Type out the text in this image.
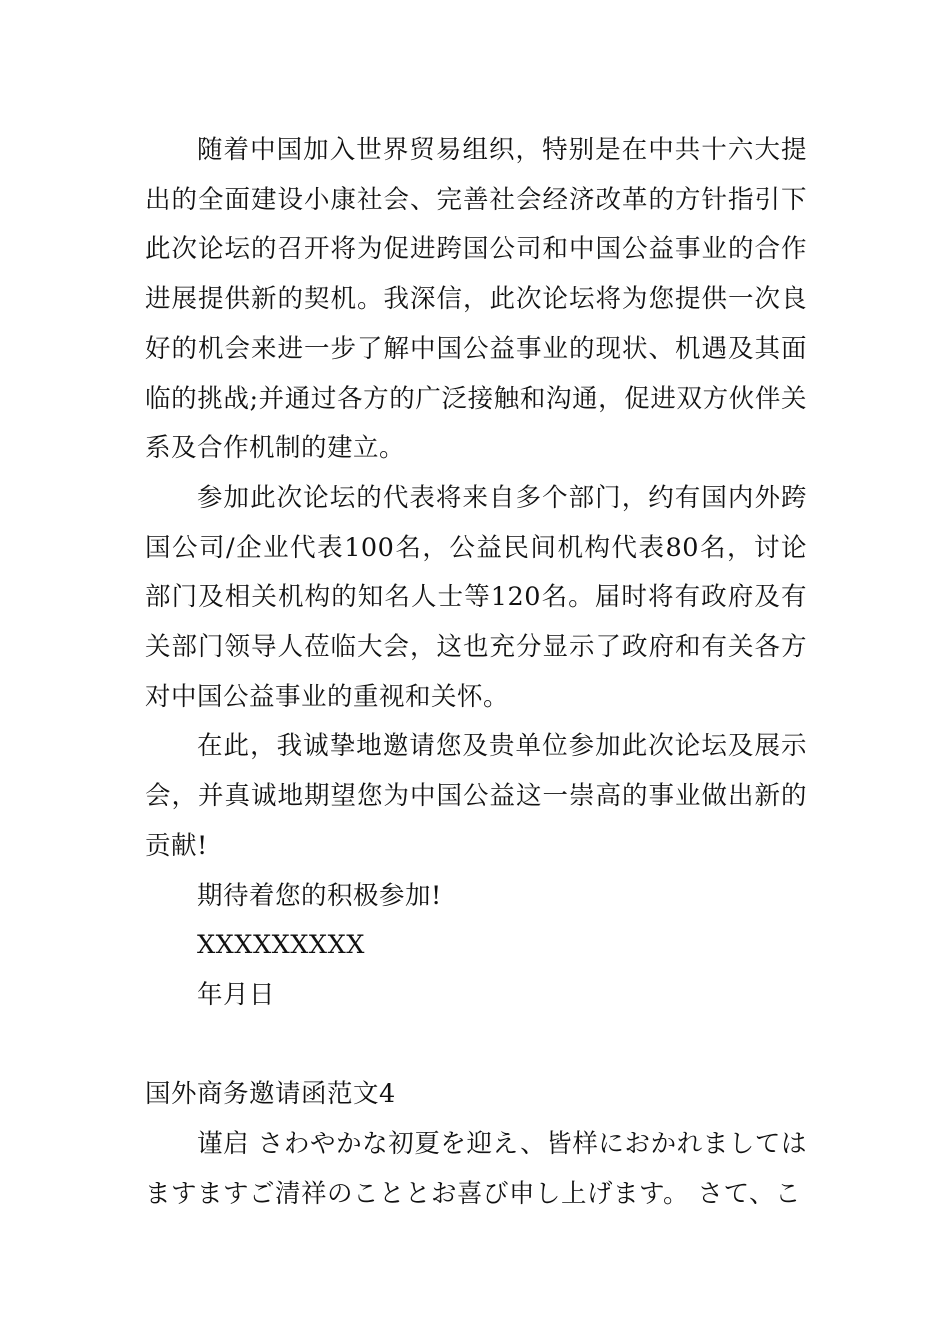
随着中国加入世界贸易组织，特别是在中共十六大提出的全面建设小康社会、完善社会经济改革的方针指引下此次论坛的召开将为促进跨国公司和中国公益事业的合作进展提供新的契机。我深信，此次论坛将为您提供一次良好的机会来进一步了解中国公益事业的现状、机遇及其面临的挑战;并通过各方的广泛接触和沟通，促进双方伙伴关系及合作机制的建立。

参加此次论坛的代表将来自多个部门，约有国内外跨国公司/企业代表100名，公益民间机构代表80名，讨论部门及相关机构的知名人士等120名。届时将有政府及有关部门领导人莅临大会，这也充分显示了政府和有关各方对中国公益事业的重视和关怀。

在此，我诚挚地邀请您及贵单位参加此次论坛及展示会，并真诚地期望您为中国公益这一崇高的事业做出新的贡献!

期待着您的积极参加!

XXXXXXXXX

年月日

国外商务邀请函范文4

谨启 さわやかな初夏を迎え、皆样におかれましてはますますご清祥のこととお喜び申し上げます。 さて、こ
